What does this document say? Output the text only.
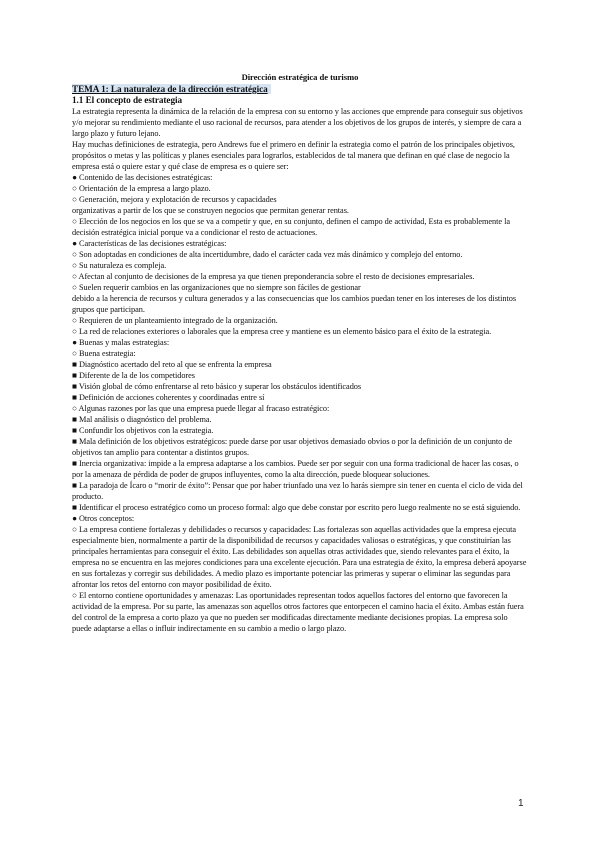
Dirección estratégica de turismo
TEMA 1: La naturaleza de la dirección estratégica
1.1 El concepto de estrategia

La estrategia representa la dinámica de la relación de la empresa con su entorno y las acciones que emprende para conseguir sus objetivos y/o mejorar su rendimiento mediante el uso racional de recursos, para atender a los objetivos de los grupos de interés, y siempre de cara a largo plazo y futuro lejano.

Hay muchas definiciones de estrategia, pero Andrews fue el primero en definir la estrategia como el patrón de los principales objetivos, propósitos o metas y las políticas y planes esenciales para lograrlos, establecidos de tal manera que definan en qué clase de negocio la empresa está o quiere estar y qué clase de empresa es o quiere ser:

● Contenido de las decisiones estratégicas:

○ Orientación de la empresa a largo plazo.

○ Generación, mejora y explotación de recursos y capacidades

organizativas a partir de los que se construyen negocios que permitan generar rentas.

○ Elección de los negocios en los que se va a competir y que, en su conjunto, definen el campo de actividad, Esta es probablemente la decisión estratégica inicial porque va a condicionar el resto de actuaciones.

● Características de las decisiones estratégicas:

○ Son adoptadas en condiciones de alta incertidumbre, dado el carácter cada vez más dinámico y complejo del entorno.

○ Su naturaleza es compleja.

○ Afectan al conjunto de decisiones de la empresa ya que tienen preponderancia sobre el resto de decisiones empresariales.

○ Suelen requerir cambios en las organizaciones que no siempre son fáciles de gestionar

debido a la herencia de recursos y cultura generados y a las consecuencias que los cambios puedan tener en los intereses de los distintos grupos que participan.

○ Requieren de un planteamiento integrado de la organización.

○ La red de relaciones exteriores o laborales que la empresa cree y mantiene es un elemento básico para el éxito de la estrategia.

● Buenas y malas estrategias:

○ Buena estrategia:

■ Diagnóstico acertado del reto al que se enfrenta la empresa

■ Diferente de la de los competidores

■ Visión global de cómo enfrentarse al reto básico y superar los obstáculos identificados

■ Definición de acciones coherentes y coordinadas entre sí

○ Algunas razones por las que una empresa puede llegar al fracaso estratégico:

■ Mal análisis o diagnóstico del problema.

■ Confundir los objetivos con la estrategia.

■ Mala definición de los objetivos estratégicos: puede darse por usar objetivos demasiado obvios o por la definición de un conjunto de objetivos tan amplio para contentar a distintos grupos.

■ Inercia organizativa: impide a la empresa adaptarse a los cambios. Puede ser por seguir con una forma tradicional de hacer las cosas, o por la amenaza de pérdida de poder de grupos influyentes, como la alta dirección, puede bloquear soluciones.

■ La paradoja de Ícaro o “morir de éxito”: Pensar que por haber triunfado una vez lo harás siempre sin tener en cuenta el ciclo de vida del producto.

■ Identificar el proceso estratégico como un proceso formal: algo que debe constar por escrito pero luego realmente no se está siguiendo.

● Otros conceptos:

○ La empresa contiene fortalezas y debilidades o recursos y capacidades: Las fortalezas son aquellas actividades que la empresa ejecuta especialmente bien, normalmente a partir de la disponibilidad de recursos y capacidades valiosas o estratégicas, y que constituirían las principales herramientas para conseguir el éxito. Las debilidades son aquellas otras actividades que, siendo relevantes para el éxito, la empresa no se encuentra en las mejores condiciones para una excelente ejecución. Para una estrategia de éxito, la empresa deberá apoyarse en sus fortalezas y corregir sus debilidades. A medio plazo es importante potenciar las primeras y superar o eliminar las segundas para afrontar los retos del entorno con mayor posibilidad de éxito.

○ El entorno contiene oportunidades y amenazas: Las oportunidades representan todos aquellos factores del entorno que favorecen la actividad de la empresa. Por su parte, las amenazas son aquellos otros factores que entorpecen el camino hacia el éxito. Ambas están fuera del control de la empresa a corto plazo ya que no pueden ser modificadas directamente mediante decisiones propias. La empresa solo puede adaptarse a ellas o influir indirectamente en su cambio a medio o largo plazo.

1
